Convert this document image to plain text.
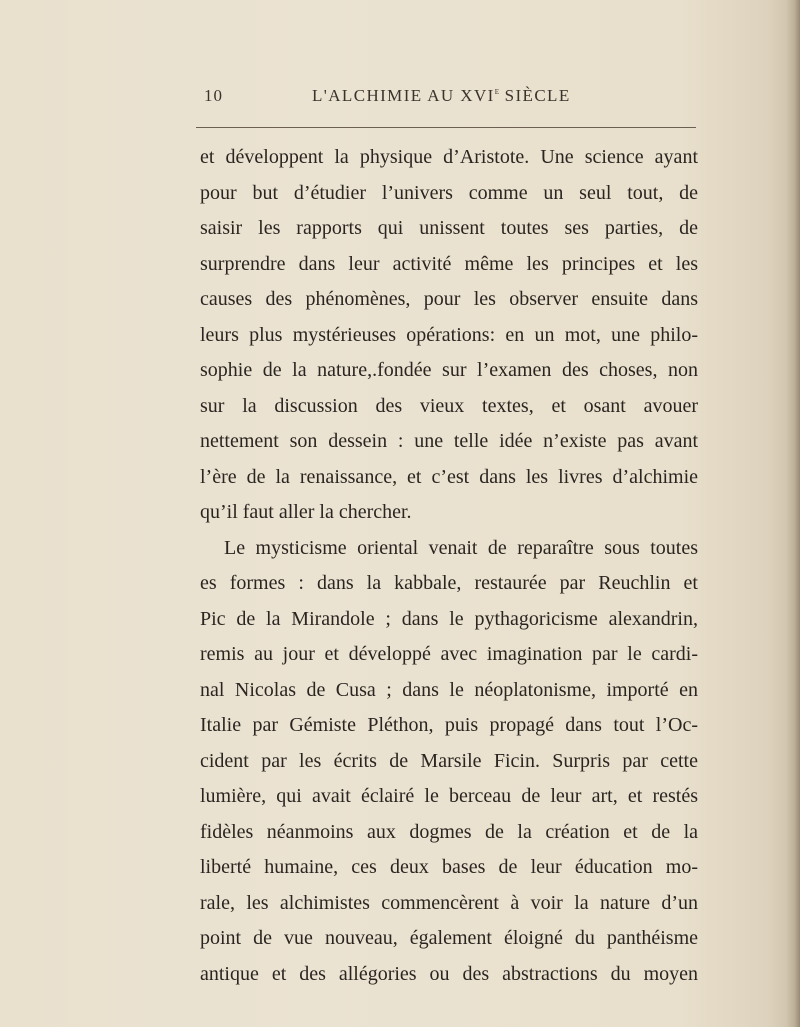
10	L'ALCHIMIE AU XVIe SIÈCLE
et développent la physique d’Aristote. Une science ayant
pour but d’étudier l’univers comme un seul tout, de
saisir les rapports qui unissent toutes ses parties, de
surprendre dans leur activité même les principes et les
causes des phénomènes, pour les observer ensuite dans
leurs plus mystérieuses opérations: en un mot, une philo-
sophie de la nature,.fondée sur l’examen des choses, non
sur la discussion des vieux textes, et osant avouer
nettement son dessein : une telle idée n’existe pas avant
l’ère de la renaissance, et c’est dans les livres d’alchimie
qu’il faut aller la chercher.
Le mysticisme oriental venait de reparaître sous toutes
es formes : dans la kabbale, restaurée par Reuchlin et
Pic de la Mirandole ; dans le pythagoricisme alexandrin,
remis au jour et développé avec imagination par le cardi-
nal Nicolas de Cusa ; dans le néoplatonisme, importé en
Italie par Gémiste Pléthon, puis propagé dans tout l’Oc-
cident par les écrits de Marsile Ficin. Surpris par cette
lumière, qui avait éclairé le berceau de leur art, et restés
fidèles néanmoins aux dogmes de la création et de la
liberté humaine, ces deux bases de leur éducation mo-
rale, les alchimistes commencèrent à voir la nature d’un
point de vue nouveau, également éloigné du panthéisme
antique et des allégories ou des abstractions du moyen
